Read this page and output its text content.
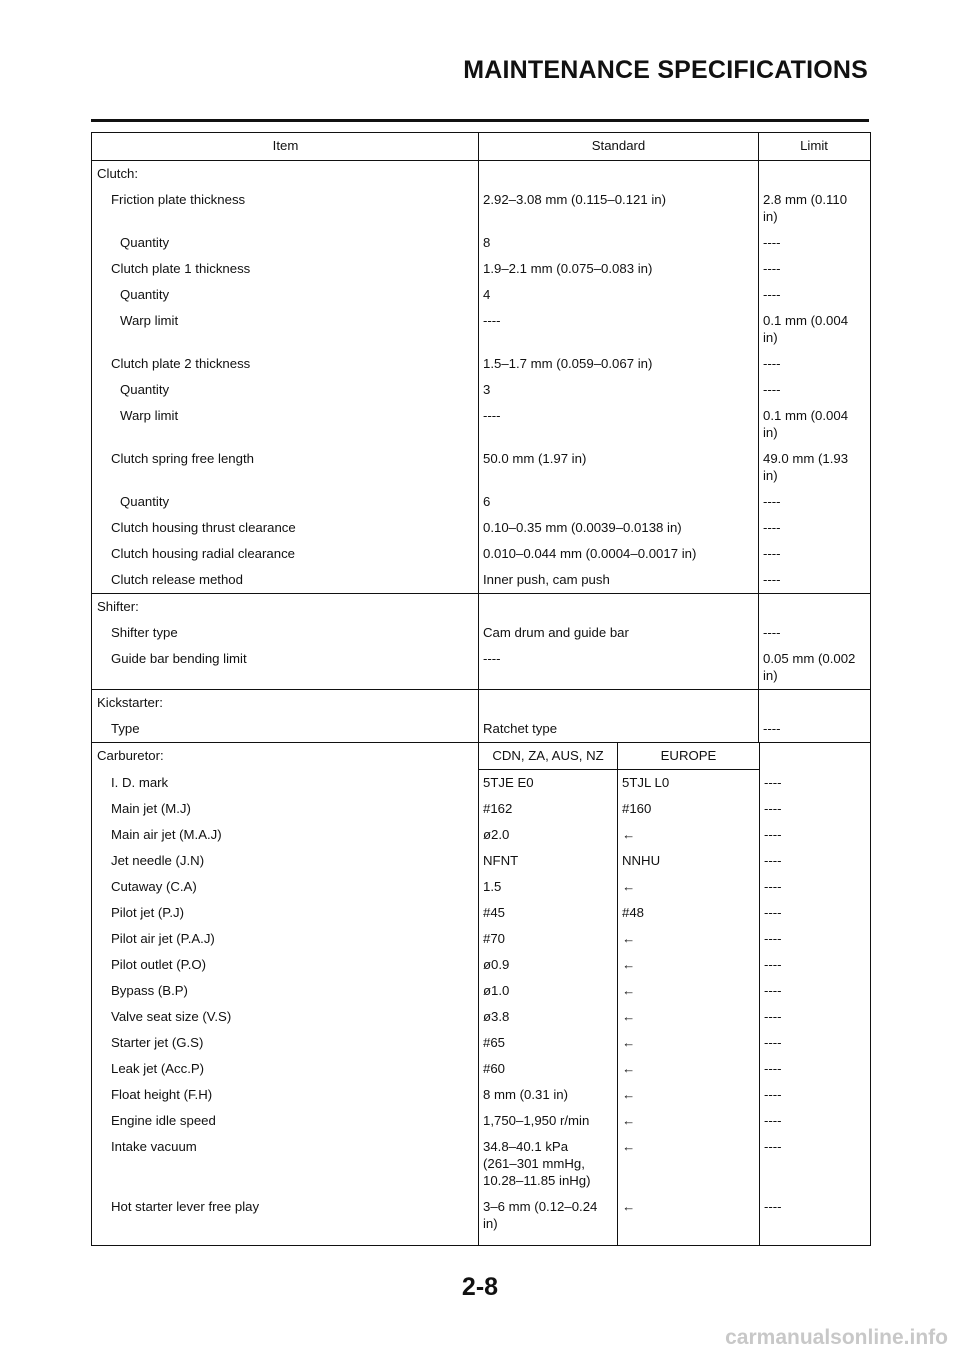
MAINTENANCE SPECIFICATIONS
Item	Standard	Limit
Clutch:
Friction plate thickness	2.92–3.08 mm (0.115–0.121 in)	2.8 mm (0.110
in)
Quantity	8	----
Clutch plate 1 thickness	1.9–2.1 mm (0.075–0.083 in)	----
Quantity	4	----
Warp limit	----	0.1 mm (0.004
in)
Clutch plate 2 thickness	1.5–1.7 mm (0.059–0.067 in)	----
Quantity	3	----
Warp limit	----	0.1 mm (0.004
in)
Clutch spring free length	50.0 mm (1.97 in)	49.0 mm (1.93
in)
Quantity	6	----
Clutch housing thrust clearance	0.10–0.35 mm (0.0039–0.0138 in)	----
Clutch housing radial clearance	0.010–0.044 mm (0.0004–0.0017 in)	----
Clutch release method	Inner push, cam push	----
Shifter:
Shifter type	Cam drum and guide bar	----
Guide bar bending limit	----	0.05 mm (0.002
in)
Kickstarter:
Type	Ratchet type	----
Carburetor:	CDN, ZA, AUS, NZ	EUROPE
I. D. mark	5TJE E0	5TJL L0	----
Main jet (M.J)	#162	#160	----
Main air jet (M.A.J)	ø2.0	←	----
Jet needle (J.N)	NFNT	NNHU	----
Cutaway (C.A)	1.5	←	----
Pilot jet (P.J)	#45	#48	----
Pilot air jet (P.A.J)	#70	←	----
Pilot outlet (P.O)	ø0.9	←	----
Bypass (B.P)	ø1.0	←	----
Valve seat size (V.S)	ø3.8	←	----
Starter jet (G.S)	#65	←	----
Leak jet (Acc.P)	#60	←	----
Float height (F.H)	8 mm (0.31 in)	←	----
Engine idle speed	1,750–1,950 r/min	←	----
Intake vacuum	34.8–40.1 kPa
(261–301 mmHg,
10.28–11.85 inHg)
←	----
Hot starter lever free play	3–6 mm (0.12–0.24
in)
←	----
2-8
carmanualsonline.info
